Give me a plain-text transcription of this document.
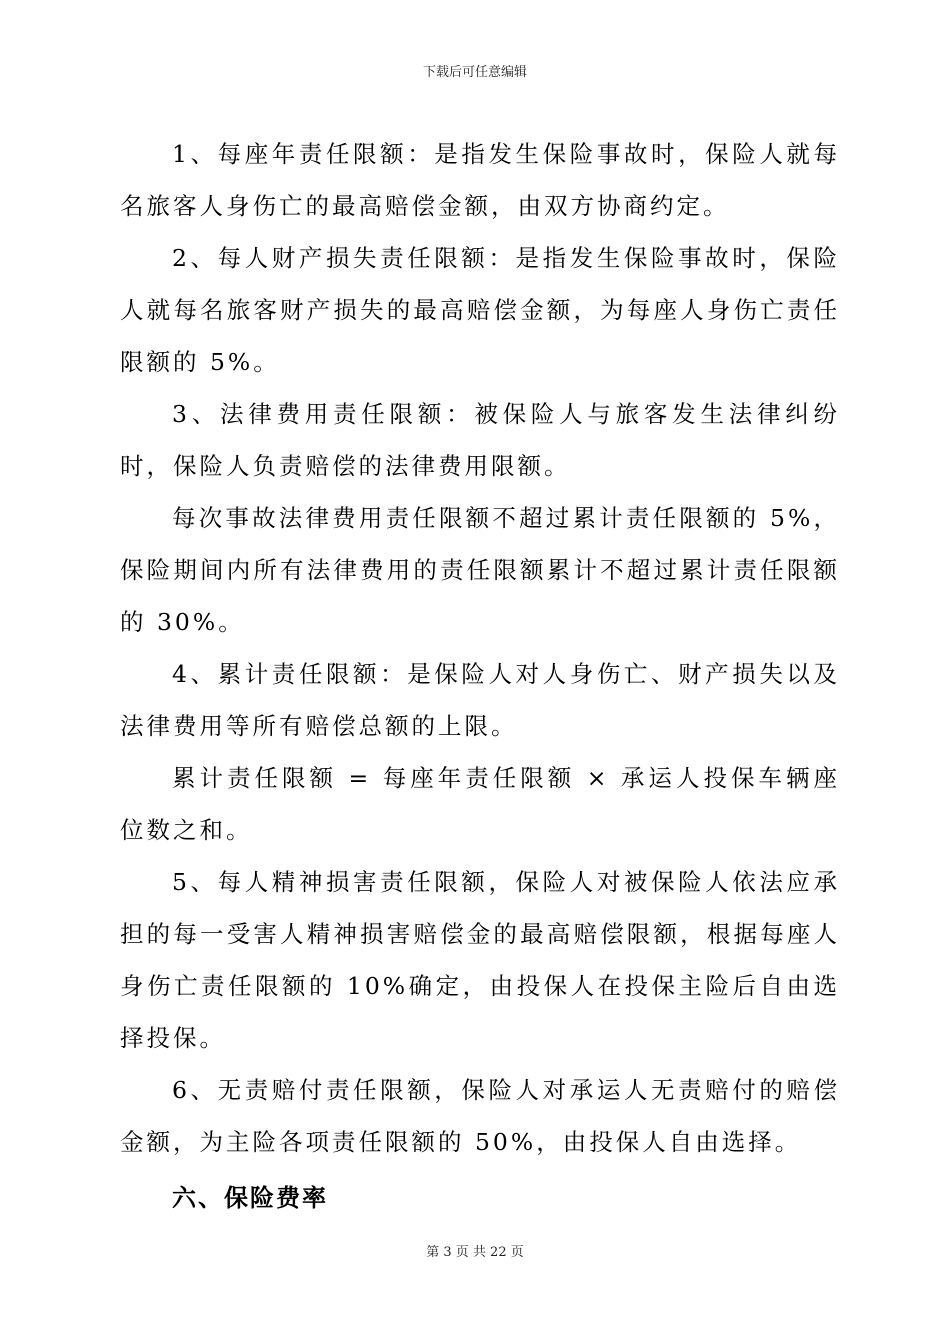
下载后可任意编辑

1、每座年责任限额：是指发生保险事故时，保险人就每名旅客人身伤亡的最高赔偿金额，由双方协商约定。

2、每人财产损失责任限额：是指发生保险事故时，保险人就每名旅客财产损失的最高赔偿金额，为每座人身伤亡责任限额的 5%。

3、法律费用责任限额：被保险人与旅客发生法律纠纷时，保险人负责赔偿的法律费用限额。

每次事故法律费用责任限额不超过累计责任限额的 5%，保险期间内所有法律费用的责任限额累计不超过累计责任限额的 30%。

4、累计责任限额：是保险人对人身伤亡、财产损失以及法律费用等所有赔偿总额的上限。

累计责任限额 = 每座年责任限额 × 承运人投保车辆座位数之和。

5、每人精神损害责任限额，保险人对被保险人依法应承担的每一受害人精神损害赔偿金的最高赔偿限额，根据每座人身伤亡责任限额的 10%确定，由投保人在投保主险后自由选择投保。

6、无责赔付责任限额，保险人对承运人无责赔付的赔偿金额，为主险各项责任限额的 50%，由投保人自由选择。

六、保险费率

第 3 页 共 22 页
